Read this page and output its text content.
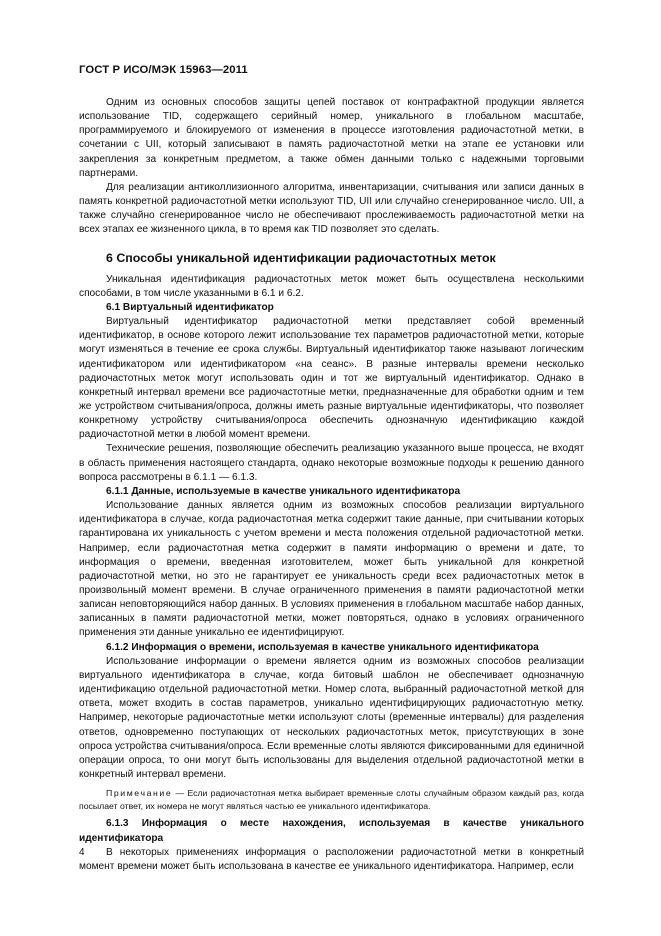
ГОСТ Р ИСО/МЭК 15963—2011

Одним из основных способов защиты цепей поставок от контрафактной продукции является использование TID, содержащего серийный номер, уникального в глобальном масштабе, программируемого и блокируемого от изменения в процессе изготовления радиочастотной метки, в сочетании с UII, который записывают в память радиочастотной метки на этапе ее установки или закрепления за конкретным предметом, а также обмен данными только с надежными торговыми партнерами.

Для реализации антиколлизионного алгоритма, инвентаризации, считывания или записи данных в память конкретной радиочастотной метки используют TID, UII или случайно сгенерированное число. UII, а также случайно сгенерированное число не обеспечивают прослеживаемость радиочастотной метки на всех этапах ее жизненного цикла, в то время как TID позволяет это сделать.

6 Способы уникальной идентификации радиочастотных меток

Уникальная идентификация радиочастотных меток может быть осуществлена несколькими способами, в том числе указанными в 6.1 и 6.2.

6.1 Виртуальный идентификатор

Виртуальный идентификатор радиочастотной метки представляет собой временный идентификатор, в основе которого лежит использование тех параметров радиочастотной метки, которые могут изменяться в течение ее срока службы. Виртуальный идентификатор также называют логическим идентификатором или идентификатором «на сеанс». В разные интервалы времени несколько радиочастотных меток могут использовать один и тот же виртуальный идентификатор. Однако в конкретный интервал времени все радиочастотные метки, предназначенные для обработки одним и тем же устройством считывания/опроса, должны иметь разные виртуальные идентификаторы, что позволяет конкретному устройству считывания/опроса обеспечить однозначную идентификацию каждой радиочастотной метки в любой момент времени.

Технические решения, позволяющие обеспечить реализацию указанного выше процесса, не входят в область применения настоящего стандарта, однако некоторые возможные подходы к решению данного вопроса рассмотрены в 6.1.1 — 6.1.3.

6.1.1 Данные, используемые в качестве уникального идентификатора

Использование данных является одним из возможных способов реализации виртуального идентификатора в случае, когда радиочастотная метка содержит такие данные, при считывании которых гарантирована их уникальность с учетом времени и места положения отдельной радиочастотной метки. Например, если радиочастотная метка содержит в памяти информацию о времени и дате, то информация о времени, введенная изготовителем, может быть уникальной для конкретной радиочастотной метки, но это не гарантирует ее уникальность среди всех радиочастотных меток в произвольный момент времени. В случае ограниченного применения в памяти радиочастотной метки записан неповторяющийся набор данных. В условиях применения в глобальном масштабе набор данных, записанных в памяти радиочастотной метки, может повторяться, однако в условиях ограниченного применения эти данные уникально ее идентифицируют.

6.1.2 Информация о времени, используемая в качестве уникального идентификатора

Использование информации о времени является одним из возможных способов реализации виртуального идентификатора в случае, когда битовый шаблон не обеспечивает однозначную идентификацию отдельной радиочастотной метки. Номер слота, выбранный радиочастотной меткой для ответа, может входить в состав параметров, уникально идентифицирующих радиочастотную метку. Например, некоторые радиочастотные метки используют слоты (временные интервалы) для разделения ответов, одновременно поступающих от нескольких радиочастотных меток, присутствующих в зоне опроса устройства считывания/опроса. Если временные слоты являются фиксированными для единичной операции опроса, то они могут быть использованы для выделения отдельной радиочастотной метки в конкретный интервал времени.

Примечание — Если радиочастотная метка выбирает временные слоты случайным образом каждый раз, когда посылает ответ, их номера не могут являться частью ее уникального идентификатора.

6.1.3 Информация о месте нахождения, используемая в качестве уникального идентификатора

В некоторых применениях информация о расположении радиочастотной метки в конкретный момент времени может быть использована в качестве ее уникального идентификатора. Например, если

4
